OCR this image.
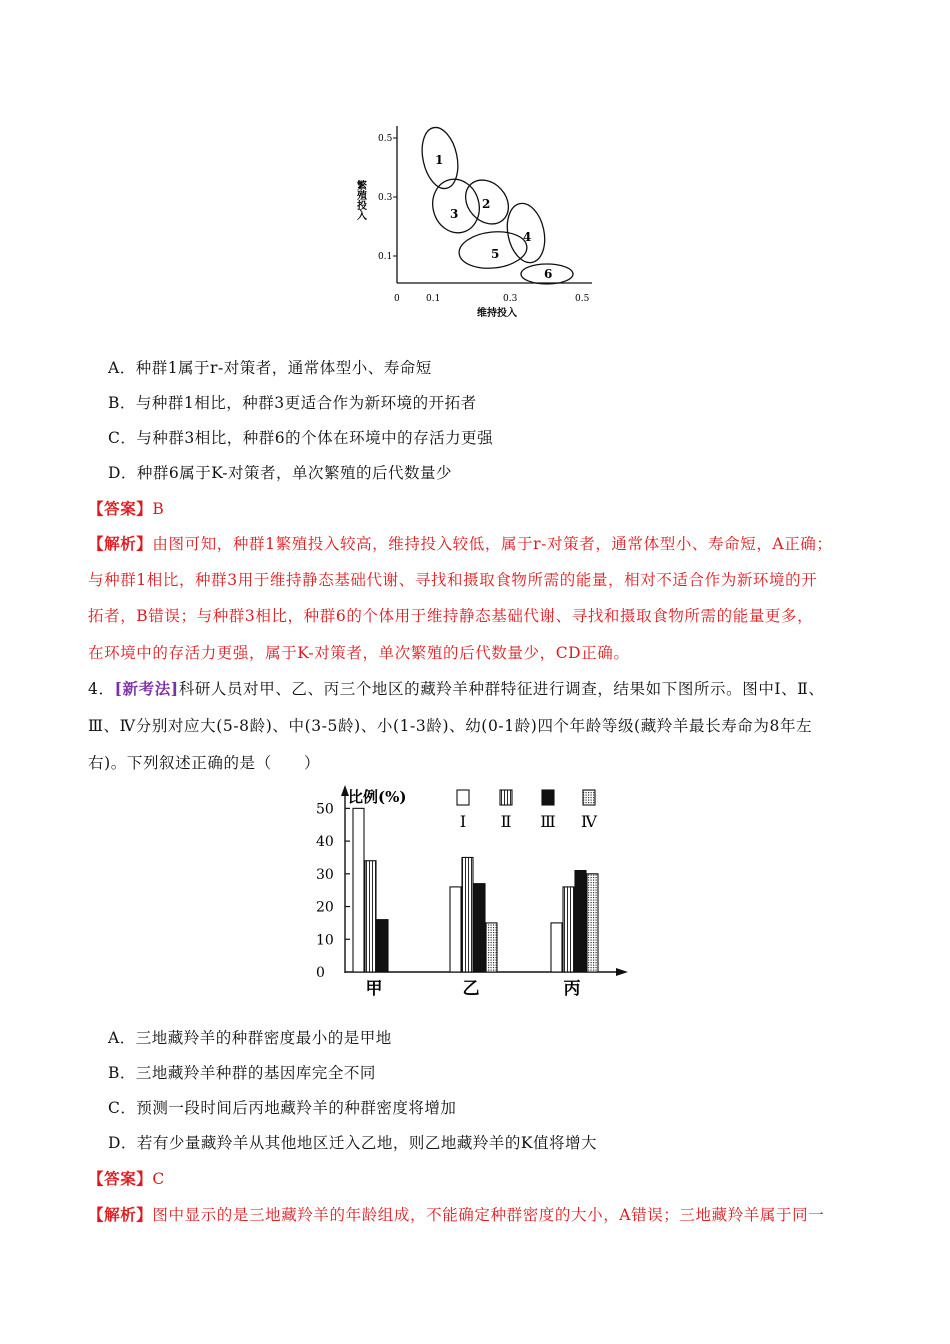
0.5
0.3
0.1
0	0.1	0.3	0.5
维持投入
繁殖投入
1
2
3
4
5
6
A．种群1属于r-对策者，通常体型小、寿命短
B．与种群1相比，种群3更适合作为新环境的开拓者
C．与种群3相比，种群6的个体在环境中的存活力更强
D．种群6属于K-对策者，单次繁殖的后代数量少
【答案】B
【解析】由图可知，种群1繁殖投入较高，维持投入较低，属于r-对策者，通常体型小、寿命短，A正确；
与种群1相比，种群3用于维持静态基础代谢、寻找和摄取食物所需的能量，相对不适合作为新环境的开
拓者，B错误；与种群3相比，种群6的个体用于维持静态基础代谢、寻找和摄取食物所需的能量更多，
在环境中的存活力更强，属于K-对策者，单次繁殖的后代数量少，CD正确。
4．[新考法]科研人员对甲、乙、丙三个地区的藏羚羊种群特征进行调查，结果如下图所示。图中Ⅰ、Ⅱ、
Ⅲ、Ⅳ分别对应大(5-8龄)、中(3-5龄)、小(1-3龄)、幼(0-1龄)四个年龄等级(藏羚羊最长寿命为8年左
右)。下列叙述正确的是（　　）
比例(%)
Ⅰ Ⅱ Ⅲ Ⅳ
0
10
20
30
40
50
甲	乙	丙
A．三地藏羚羊的种群密度最小的是甲地
B．三地藏羚羊种群的基因库完全不同
C．预测一段时间后丙地藏羚羊的种群密度将增加
D．若有少量藏羚羊从其他地区迁入乙地，则乙地藏羚羊的K值将增大
【答案】C
【解析】图中显示的是三地藏羚羊的年龄组成，不能确定种群密度的大小，A错误；三地藏羚羊属于同一
